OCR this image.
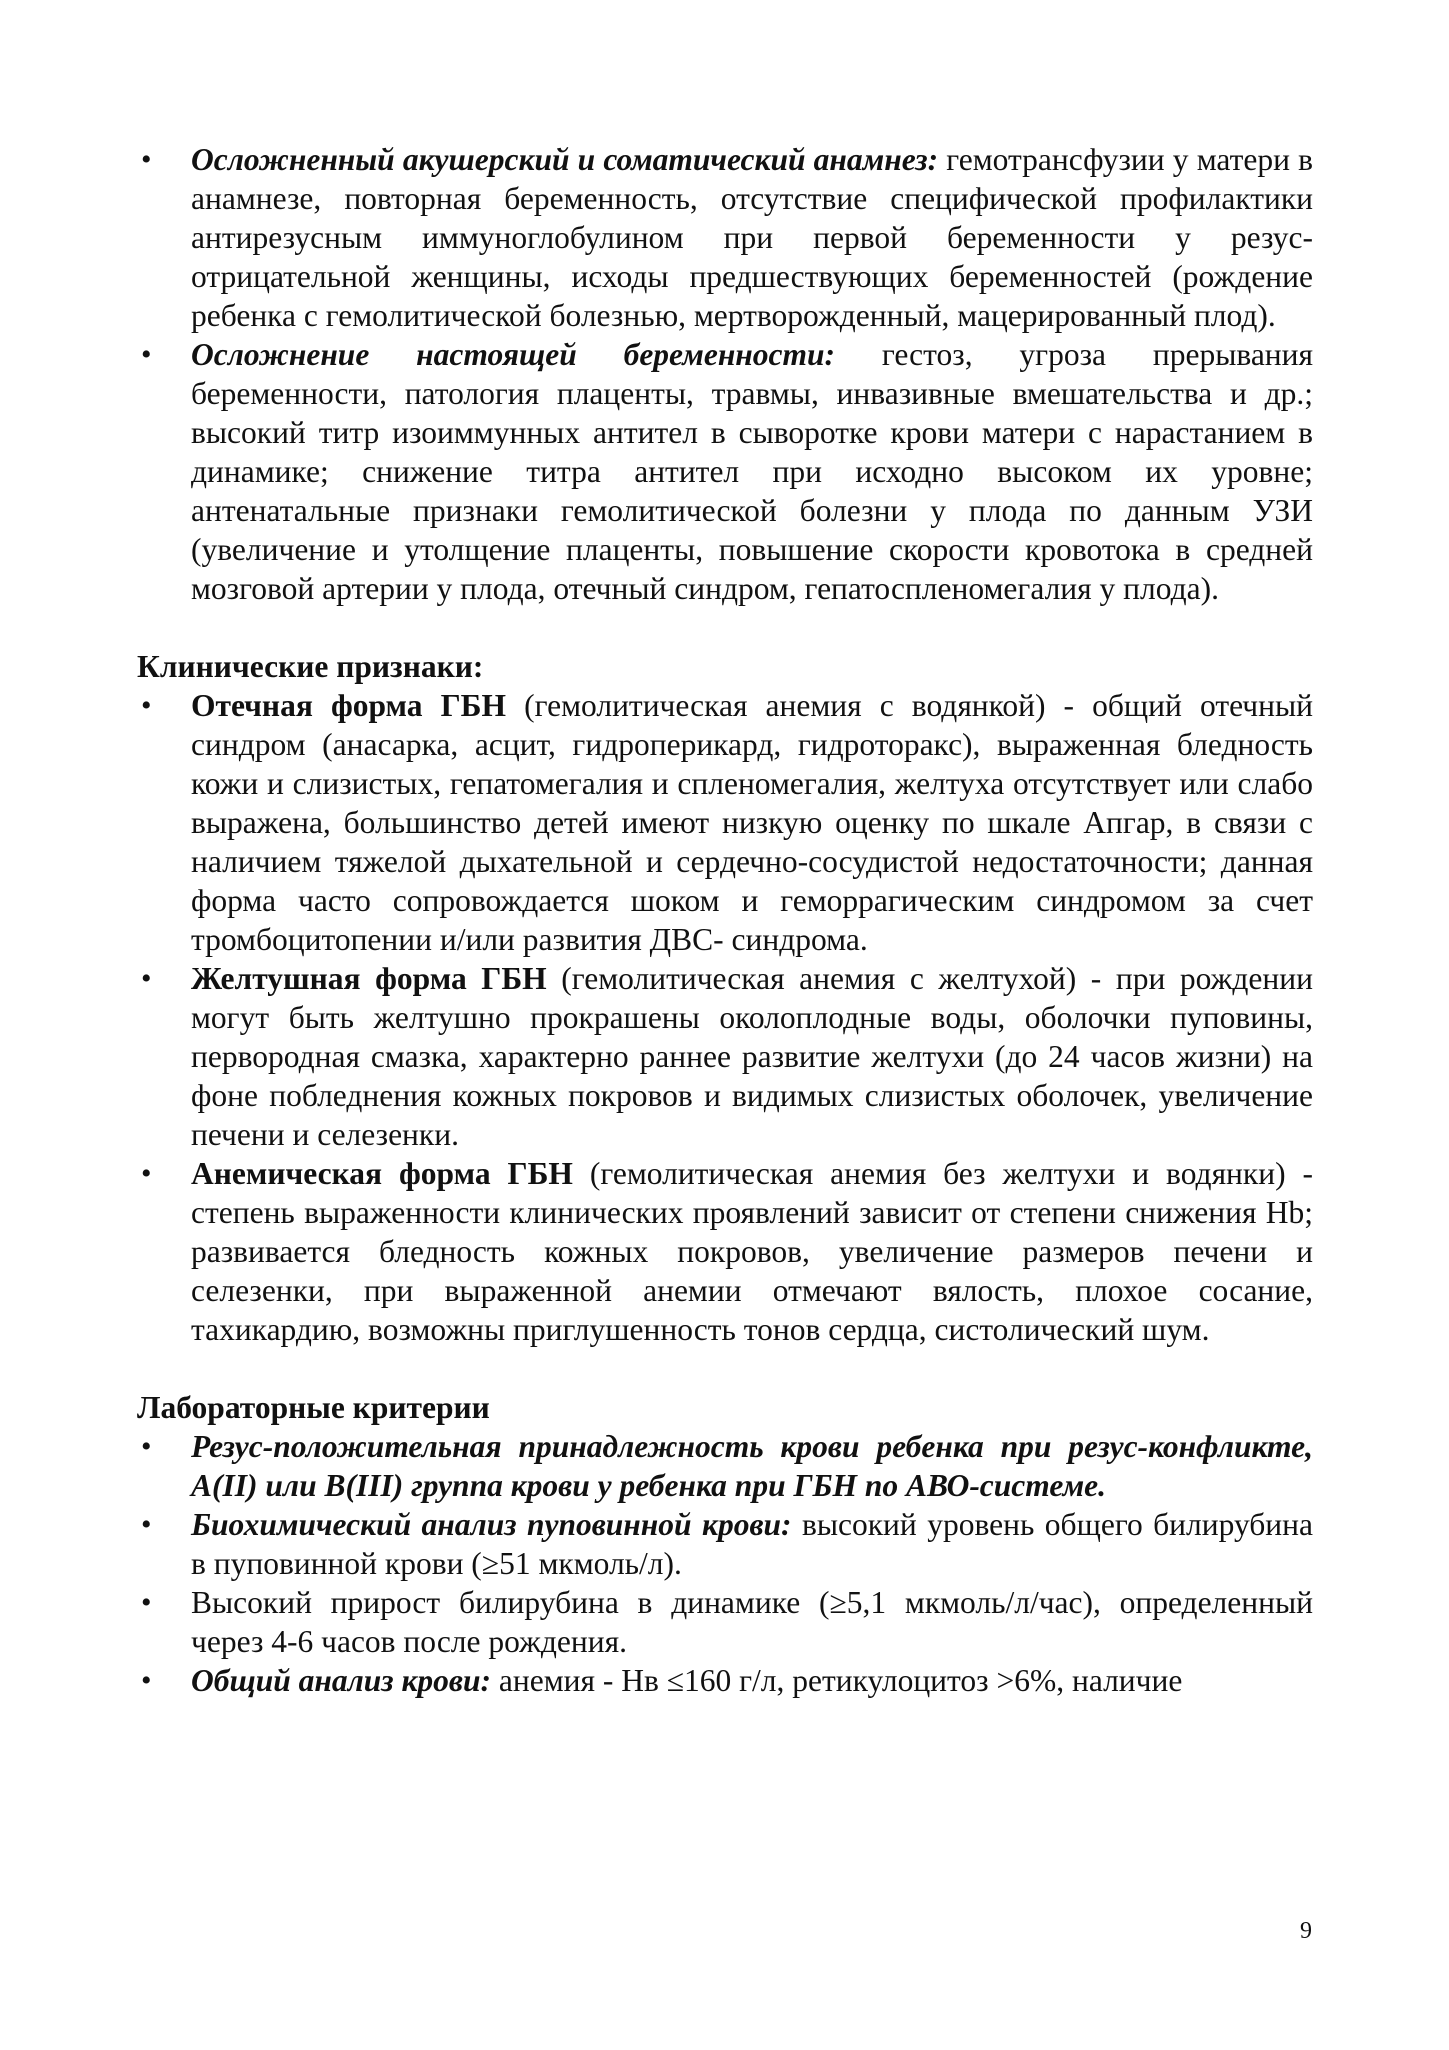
• Осложненный акушерский и соматический анамнез: гемотрансфузии у матери в анамнезе, повторная беременность, отсутствие специфической профилактики антирезусным иммуноглобулином при первой беременности у резус-отрицательной женщины, исходы предшествующих беременностей (рождение ребенка с гемолитической болезнью, мертворожденный, мацерированный плод).
• Осложнение настоящей беременности: гестоз, угроза прерывания беременности, патология плаценты, травмы, инвазивные вмешательства и др.; высокий титр изоиммунных антител в сыворотке крови матери с нарастанием в динамике; снижение титра антител при исходно высоком их уровне; антенатальные признаки гемолитической болезни у плода по данным УЗИ (увеличение и утолщение плаценты, повышение скорости кровотока в средней мозговой артерии у плода, отечный синдром, гепатоспленомегалия у плода).

Клинические признаки:

• Отечная форма ГБН (гемолитическая анемия с водянкой) - общий отечный синдром (анасарка, асцит, гидроперикард, гидроторакс), выраженная бледность кожи и слизистых, гепатомегалия и спленомегалия, желтуха отсутствует или слабо выражена, большинство детей имеют низкую оценку по шкале Апгар, в связи с наличием тяжелой дыхательной и сердечно-сосудистой недостаточности; данная форма часто сопровождается шоком и геморрагическим синдромом за счет тромбоцитопении и/или развития ДВС- синдрома.
• Желтушная форма ГБН (гемолитическая анемия с желтухой) - при рождении могут быть желтушно прокрашены околоплодные воды, оболочки пуповины, первородная смазка, характерно раннее развитие желтухи (до 24 часов жизни) на фоне побледнения кожных покровов и видимых слизистых оболочек, увеличение печени и селезенки.
• Анемическая форма ГБН (гемолитическая анемия без желтухи и водянки) - степень выраженности клинических проявлений зависит от степени снижения Hb; развивается бледность кожных покровов, увеличение размеров печени и селезенки, при выраженной анемии отмечают вялость, плохое сосание, тахикардию, возможны приглушенность тонов сердца, систолический шум.

Лабораторные критерии

• Резус-положительная принадлежность крови ребенка при резус-конфликте, A(II) или B(III) группа крови у ребенка при ГБН по АВО-системе.
• Биохимический анализ пуповинной крови: высокий уровень общего билирубина в пуповинной крови (≥51 мкмоль/л).
• Высокий прирост билирубина в динамике (≥5,1 мкмоль/л/час), определенный через 4-6 часов после рождения.
• Общий анализ крови: анемия - Нв ≤160 г/л, ретикулоцитоз >6%, наличие
9
